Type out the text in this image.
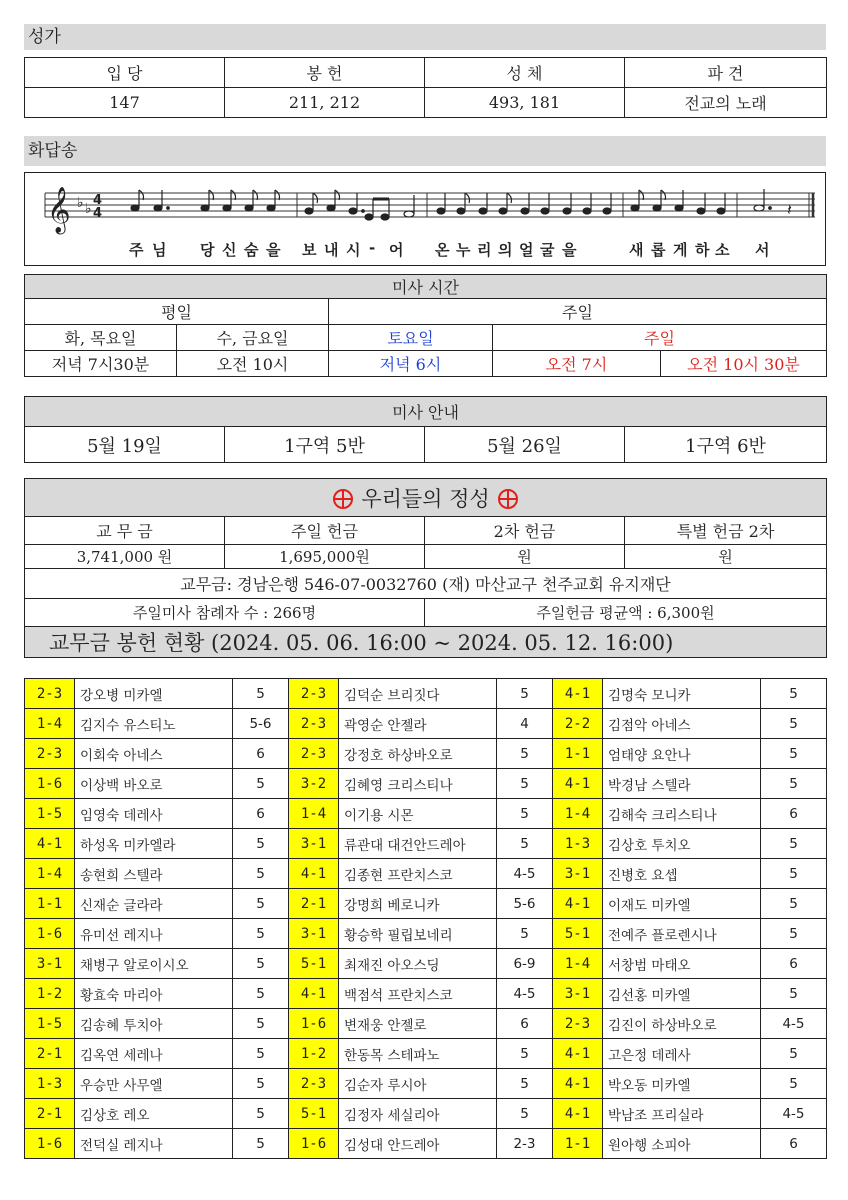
성가
입 당	봉 헌	성 체	파 견
147	211, 212	493, 181	전교의 노래
화답송
𝄞 ♭ ♭
4
4	𝄽
주 님 당 신 숨 을 보 내 시 - 어 온 누 리 의 얼 굴 을	새 롭 게 하 소 서
미사 시간				
평일		주일		
화, 목요일	수, 금요일	토요일	주일	
저녁 7시30분	오전 10시	저녁 6시	오전 7시	오전 10시 30분
미사 안내
5월 19일	1구역 5반	5월 26일	1구역 6반
우리들의 정성			

교 무 금	주일 헌금	2차 헌금	특별 헌금 2차
3,741,000 원	1,695,000원	원	원
교무금: 경남은행 546-07-0032760 (재) 마산교구 천주교회 유지재단			
주일미사 참례자 수 : 266명		주일헌금 평균액 : 6,300원	
교무금 봉헌 현황 (2024. 05. 06. 16:00 ~ 2024. 05. 12. 16:00)			
2-3	강오병 미카엘	5	2-3	김덕순 브리짓다	5	4-1	김명숙 모니카	5
1-4	김지수 유스티노	5-6	2-3	곽영순 안젤라	4	2-2	김점악 아네스	5
2-3	이회숙 아네스	6	2-3	강정호 하상바오로	5	1-1	엄태양 요안나	5
1-6	이상백 바오로	5	3-2	김혜영 크리스티나	5	4-1	박경남 스텔라	5
1-5	임영숙 데레사	6	1-4	이기용 시몬	5	1-4	김해숙 크리스티나	6
4-1	하성옥 미카엘라	5	3-1	류관대 대건안드레아	5	1-3	김상호 투치오	5
1-4	송현희 스텔라	5	4-1	김종현 프란치스코	4-5	3-1	진병호 요셉	5
1-1	신재순 글라라	5	2-1	강명희 베로니카	5-6	4-1	이재도 미카엘	5
1-6	유미선 레지나	5	3-1	황승학 필립보네리	5	5-1	전예주 플로렌시나	5
3-1	채병구 알로이시오	5	5-1	최재진 아오스딩	6-9	1-4	서창범 마태오	6
1-2	황효숙 마리아	5	4-1	백점석 프란치스코	4-5	3-1	김선홍 미카엘	5
1-5	김송혜 투치아	5	1-6	변재웅 안젤로	6	2-3	김진이 하상바오로	4-5
2-1	김옥연 세레나	5	1-2	한동목 스테파노	5	4-1	고은정 데레사	5
1-3	우승만 사무엘	5	2-3	김순자 루시아	5	4-1	박오동 미카엘	5
2-1	김상호 레오	5	5-1	김정자 세실리아	5	4-1	박남조 프리실라	4-5
1-6	전덕실 레지나	5	1-6	김성대 안드레아	2-3	1-1	원아행 소피아	6
